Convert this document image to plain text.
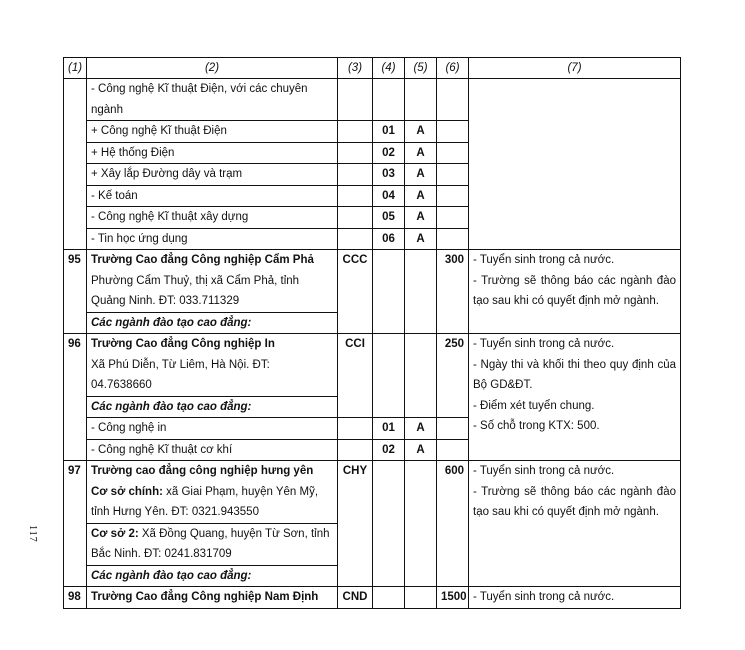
117
(1)	(2)	(3)	(4)	(5)	(6)	(7)
	- Công nghệ Kĩ thuật Điện, với các chuyên ngành					
	+ Công nghệ Kĩ thuật Điện		01	A		
	+ Hệ thống Điện		02	A		
	+ Xây lắp Đường dây và trạm		03	A		
	- Kế toán		04	A		
	- Công nghệ Kĩ thuật xây dựng		05	A		
	- Tin học ứng dụng		06	A		
95	Trường Cao đẳng Công nghiệp Cẩm Phả
Phường Cẩm Thuỷ, thị xã Cẩm Phả, tỉnh Quảng Ninh. ĐT: 033.711329	CCC			300	- Tuyển sinh trong cả nước.
- Trường sẽ thông báo các ngành đào tạo sau khi có quyết định mở ngành.

	Các ngành đào tạo cao đẳng:					
96	Trường Cao đẳng Công nghiệp In
Xã Phú Diễn, Từ Liêm, Hà Nội. ĐT: 04.7638660	CCI			250	- Tuyển sinh trong cả nước.
- Ngày thi và khối thi theo quy định của Bộ GD&ĐT.
- Điểm xét tuyển chung.
- Số chỗ trong KTX: 500.

	Các ngành đào tạo cao đẳng:					
	- Công nghệ in		01	A		
	- Công nghệ Kĩ thuật cơ khí		02	A		
97	Trường cao đẳng công nghiệp hưng yên
Cơ sở chính: xã Giai Phạm, huyện Yên Mỹ, tỉnh Hưng Yên. ĐT: 0321.943550
Cơ sở 2: Xã Đồng Quang, huyện Từ Sơn, tỉnh Bắc Ninh. ĐT: 0241.831709	CHY			600	- Tuyển sinh trong cả nước.
- Trường sẽ thông báo các ngành đào tạo sau khi có quyết định mở ngành.

	Các ngành đào tạo cao đẳng:					
98	Trường Cao đẳng Công nghiệp Nam Định	CND			1500	- Tuyển sinh trong cả nước.
